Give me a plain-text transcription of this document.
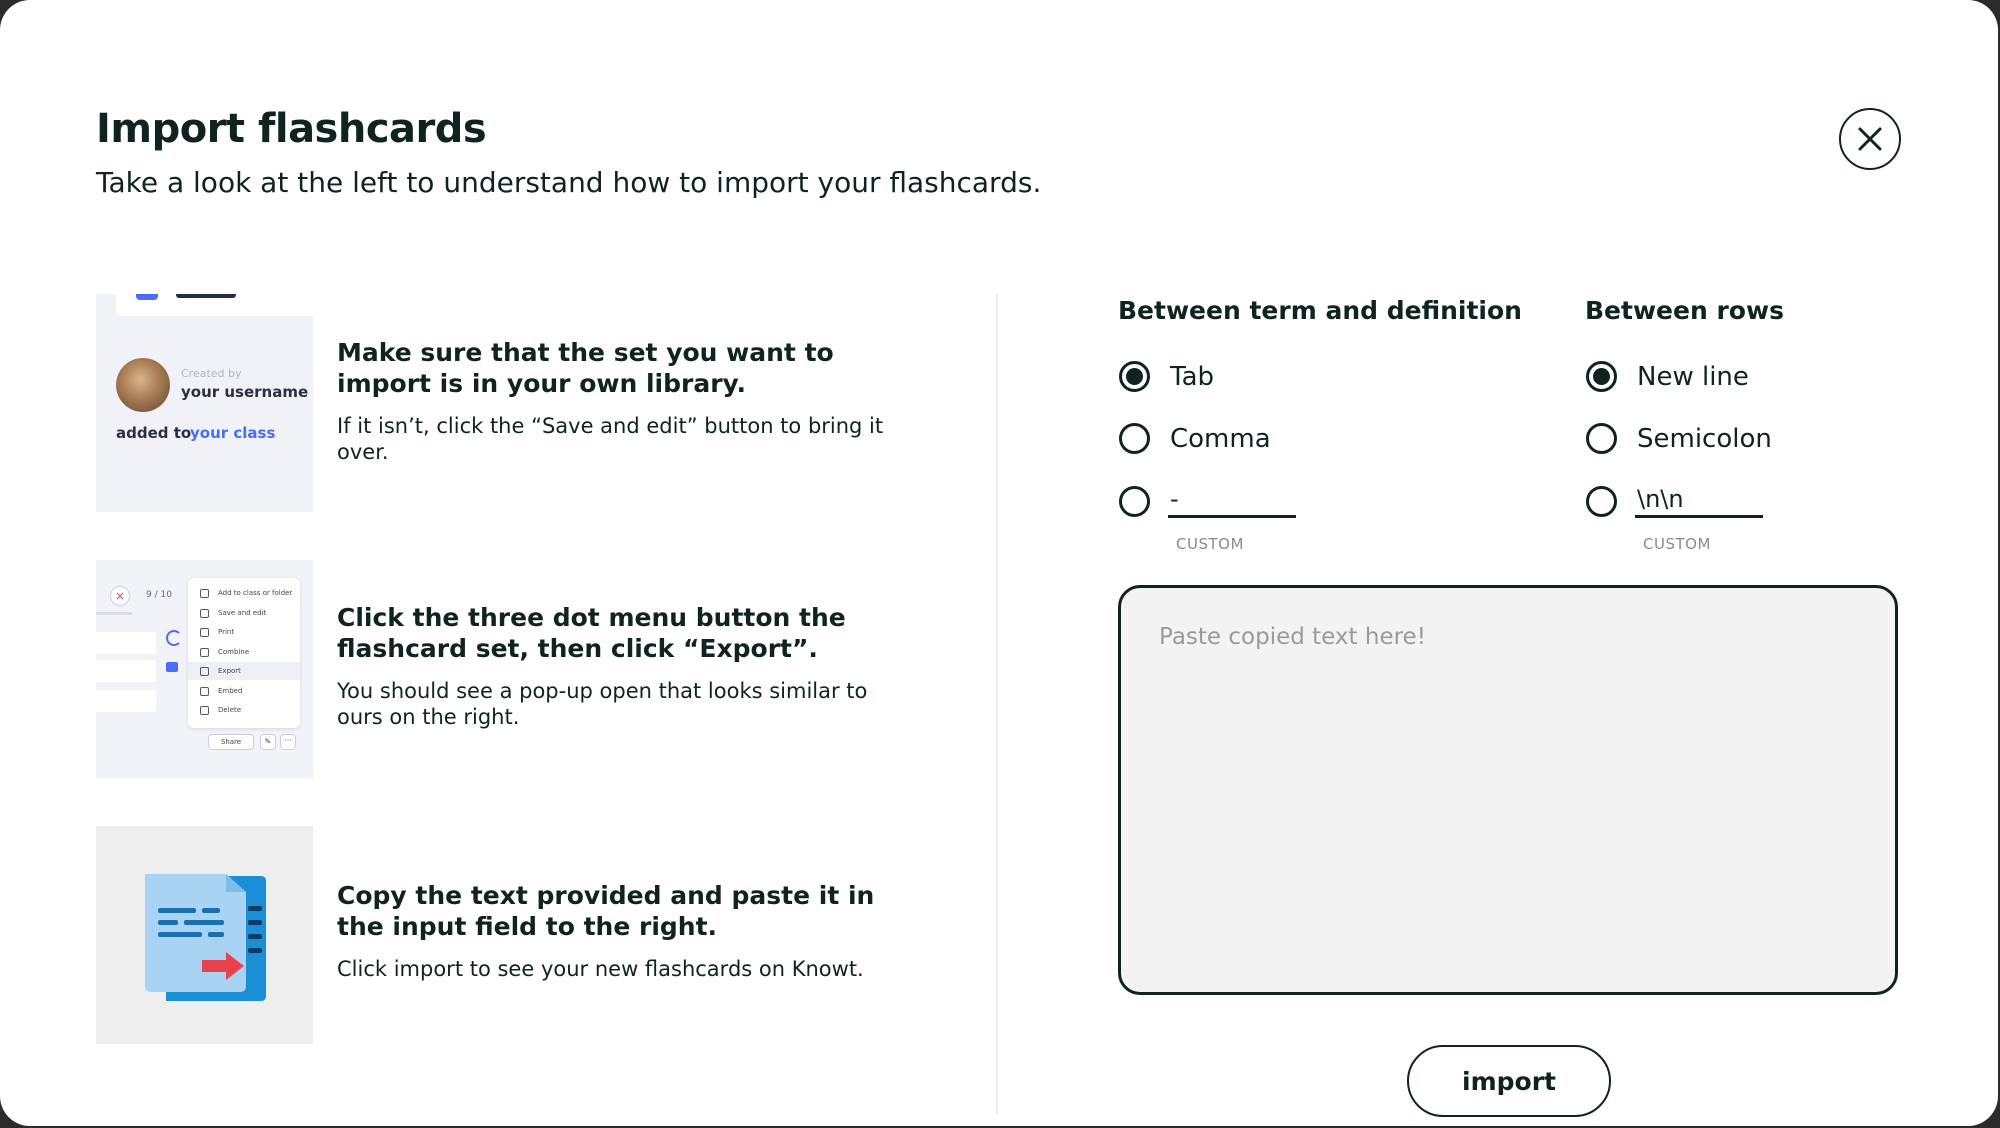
Import flashcards

Take a look at the left to understand how to import your flashcards.

Created by
your username
added to
your class
Make sure that the set you want to import is in your own library.

If it isn’t, click the “Save and edit” button to bring it over.

×	9 / 10	Add to class or folder
Save and edit
Print
Combine
Export
Embed
Delete
Share	✎	···
Click the three dot menu button the flashcard set, then click “Export”.

You should see a pop-up open that looks similar to ours on the right.

Copy the text provided and paste it in the input field to the right.

Click import to see your new flashcards on Knowt.

Between term and definition
Tab
Comma
-
CUSTOM
Between rows
New line
Semicolon
\n\n
CUSTOM
Paste copied text here!
import
